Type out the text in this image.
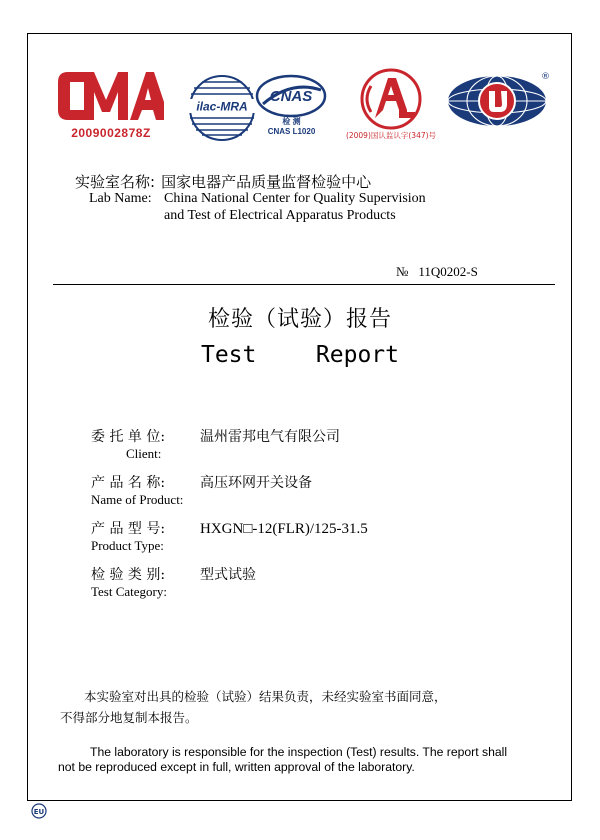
2009002878Z
ilac-MRA
CNAS
检 测
CNAS L1020	(2009)国认监认字(347)号
®
实验室名称: 国家电器产品质量监督检验中心
Lab Name: China National Center for Quality Supervision
and Test of Electrical Apparatus Products
№ 11Q0202-S
检验（试验）报告
Test   Report
委 托 单 位: 温州雷邦电气有限公司
Client:
产 品 名 称: 高压环网开关设备
Name of Product:
产 品 型 号: HXGN□-12(FLR)/125-31.5
Product Type:
检 验 类 别: 型式试验
Test Category:
本实验室对出具的检验（试验）结果负责，未经实验室书面同意，
不得部分地复制本报告。
The laboratory is responsible for the inspection (Test) results. The report shall
not be reproduced except in full, written approval of the laboratory.
EU
